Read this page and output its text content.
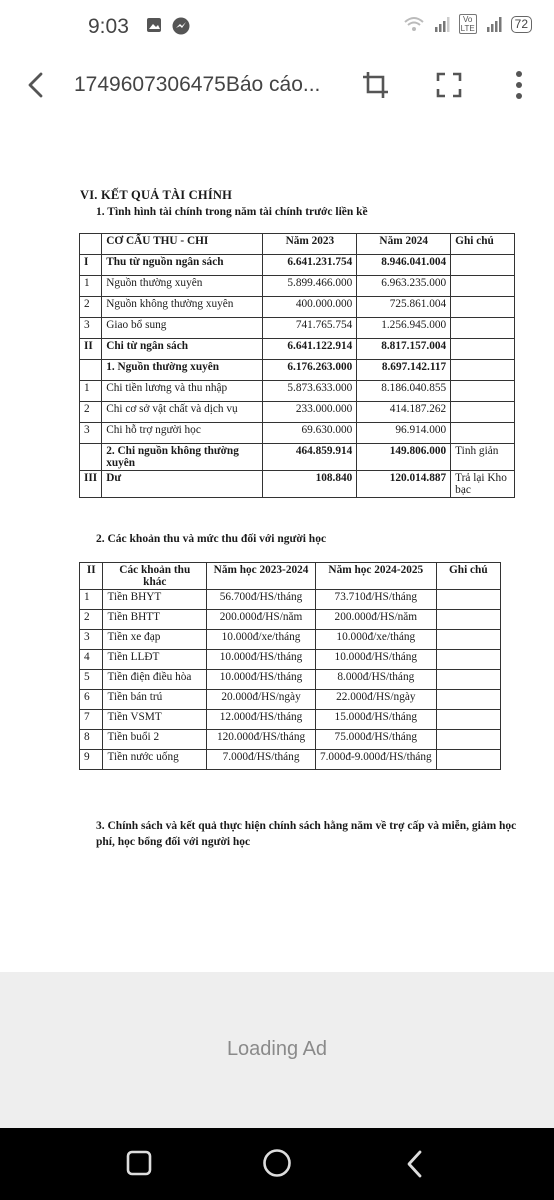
9:03	Vo LTE	72
1749607306475Báo cáo...
VI. KẾT QUẢ TÀI CHÍNH
1. Tình hình tài chính trong năm tài chính trước liền kề
	CƠ CẤU THU - CHI	Năm 2023	Năm 2024	Ghi chú
I	Thu từ nguồn ngân sách	6.641.231.754	8.946.041.004	
1	Nguồn thường xuyên	5.899.466.000	6.963.235.000	
2	Nguồn không thường xuyên	400.000.000	725.861.004	
3	Giao bổ sung	741.765.754	1.256.945.000	
II	Chi từ ngân sách	6.641.122.914	8.817.157.004	
	1. Nguồn thường xuyên	6.176.263.000	8.697.142.117	
1	Chi tiền lương và thu nhập	5.873.633.000	8.186.040.855	
2	Chi cơ sở vật chất và dịch vụ	233.000.000	414.187.262	
3	Chi hỗ trợ người học	69.630.000	96.914.000	
	2. Chi nguồn không thường xuyên	464.859.914	149.806.000	Tinh giản
III	Dư	108.840	120.014.887	Trả lại Kho bạc
2. Các khoản thu và mức thu đối với người học
II	Các khoản thu khác	Năm học 2023-2024	Năm học 2024-2025	Ghi chú
1	Tiền BHYT	56.700đ/HS/tháng	73.710đ/HS/tháng	
2	Tiền BHTT	200.000đ/HS/năm	200.000đ/HS/năm	
3	Tiền xe đạp	10.000đ/xe/tháng	10.000đ/xe/tháng	
4	Tiền LLĐT	10.000đ/HS/tháng	10.000đ/HS/tháng	
5	Tiền điện điều hòa	10.000đ/HS/tháng	8.000đ/HS/tháng	
6	Tiền bán trú	20.000đ/HS/ngày	22.000đ/HS/ngày	
7	Tiền VSMT	12.000đ/HS/tháng	15.000đ/HS/tháng	
8	Tiền buổi 2	120.000đ/HS/tháng	75.000đ/HS/tháng	
9	Tiền nước uống	7.000đ/HS/tháng	7.000đ-9.000đ/HS/tháng	
3. Chính sách và kết quả thực hiện chính sách hằng năm về trợ cấp và miễn, giảm học phí, học bổng đối với người học
Loading Ad
